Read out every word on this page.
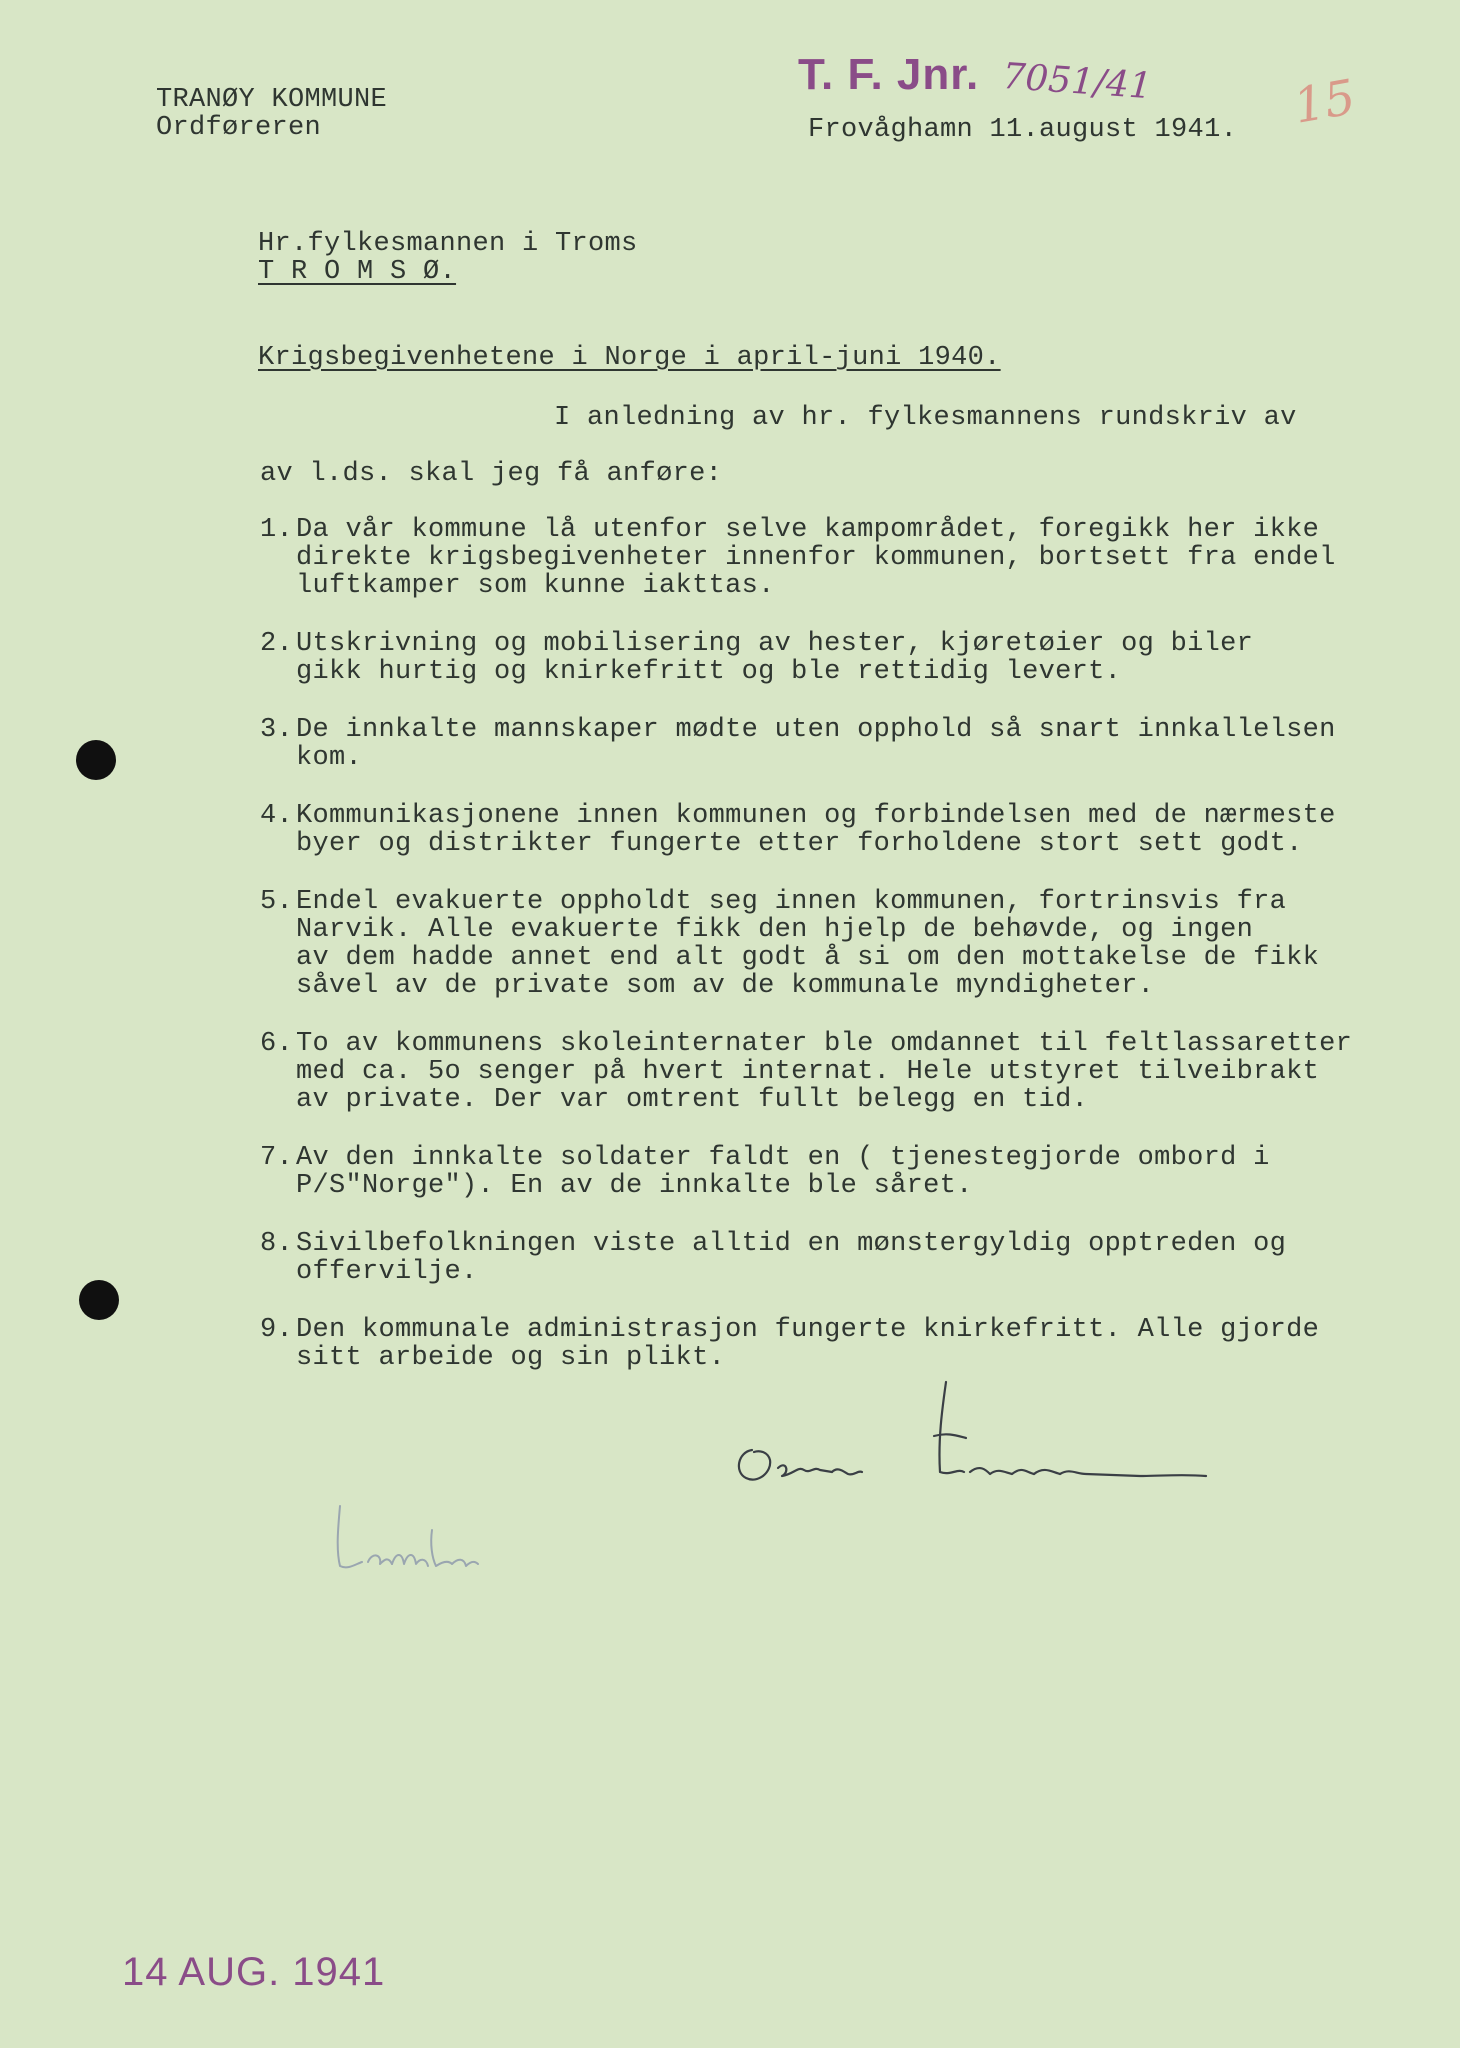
TRANØY KOMMUNE
Ordføreren
T. F. Jnr. 7051/41	15
Frovåghamn 11.august 1941.
Hr.fylkesmannen i Troms
T R O M S Ø.
Krigsbegivenhetene i Norge i april-juni 1940.
I anledning av hr. fylkesmannens rundskriv av
av l.ds. skal jeg få anføre:
1. Da vår kommune lå utenfor selve kampområdet, foregikk her ikke
direkte krigsbegivenheter innenfor kommunen, bortsett fra endel
luftkamper som kunne iakttas.
2. Utskrivning og mobilisering av hester, kjøretøier og biler
gikk hurtig og knirkefritt og ble rettidig levert.
3. De innkalte mannskaper mødte uten opphold så snart innkallelsen
kom.
4. Kommunikasjonene innen kommunen og forbindelsen med de nærmeste
byer og distrikter fungerte etter forholdene stort sett godt.
5. Endel evakuerte oppholdt seg innen kommunen, fortrinsvis fra
Narvik. Alle evakuerte fikk den hjelp de behøvde, og ingen
av dem hadde annet end alt godt å si om den mottakelse de fikk
såvel av de private som av de kommunale myndigheter.
6. To av kommunens skoleinternater ble omdannet til feltlassaretter
med ca. 5o senger på hvert internat. Hele utstyret tilveibrakt
av private. Der var omtrent fullt belegg en tid.
7. Av den innkalte soldater faldt en ( tjenestegjorde ombord i
P/S"Norge"). En av de innkalte ble såret.
8. Sivilbefolkningen viste alltid en mønstergyldig opptreden og
offervilje.
9. Den kommunale administrasjon fungerte knirkefritt. Alle gjorde
sitt arbeide og sin plikt.
14 AUG. 1941
